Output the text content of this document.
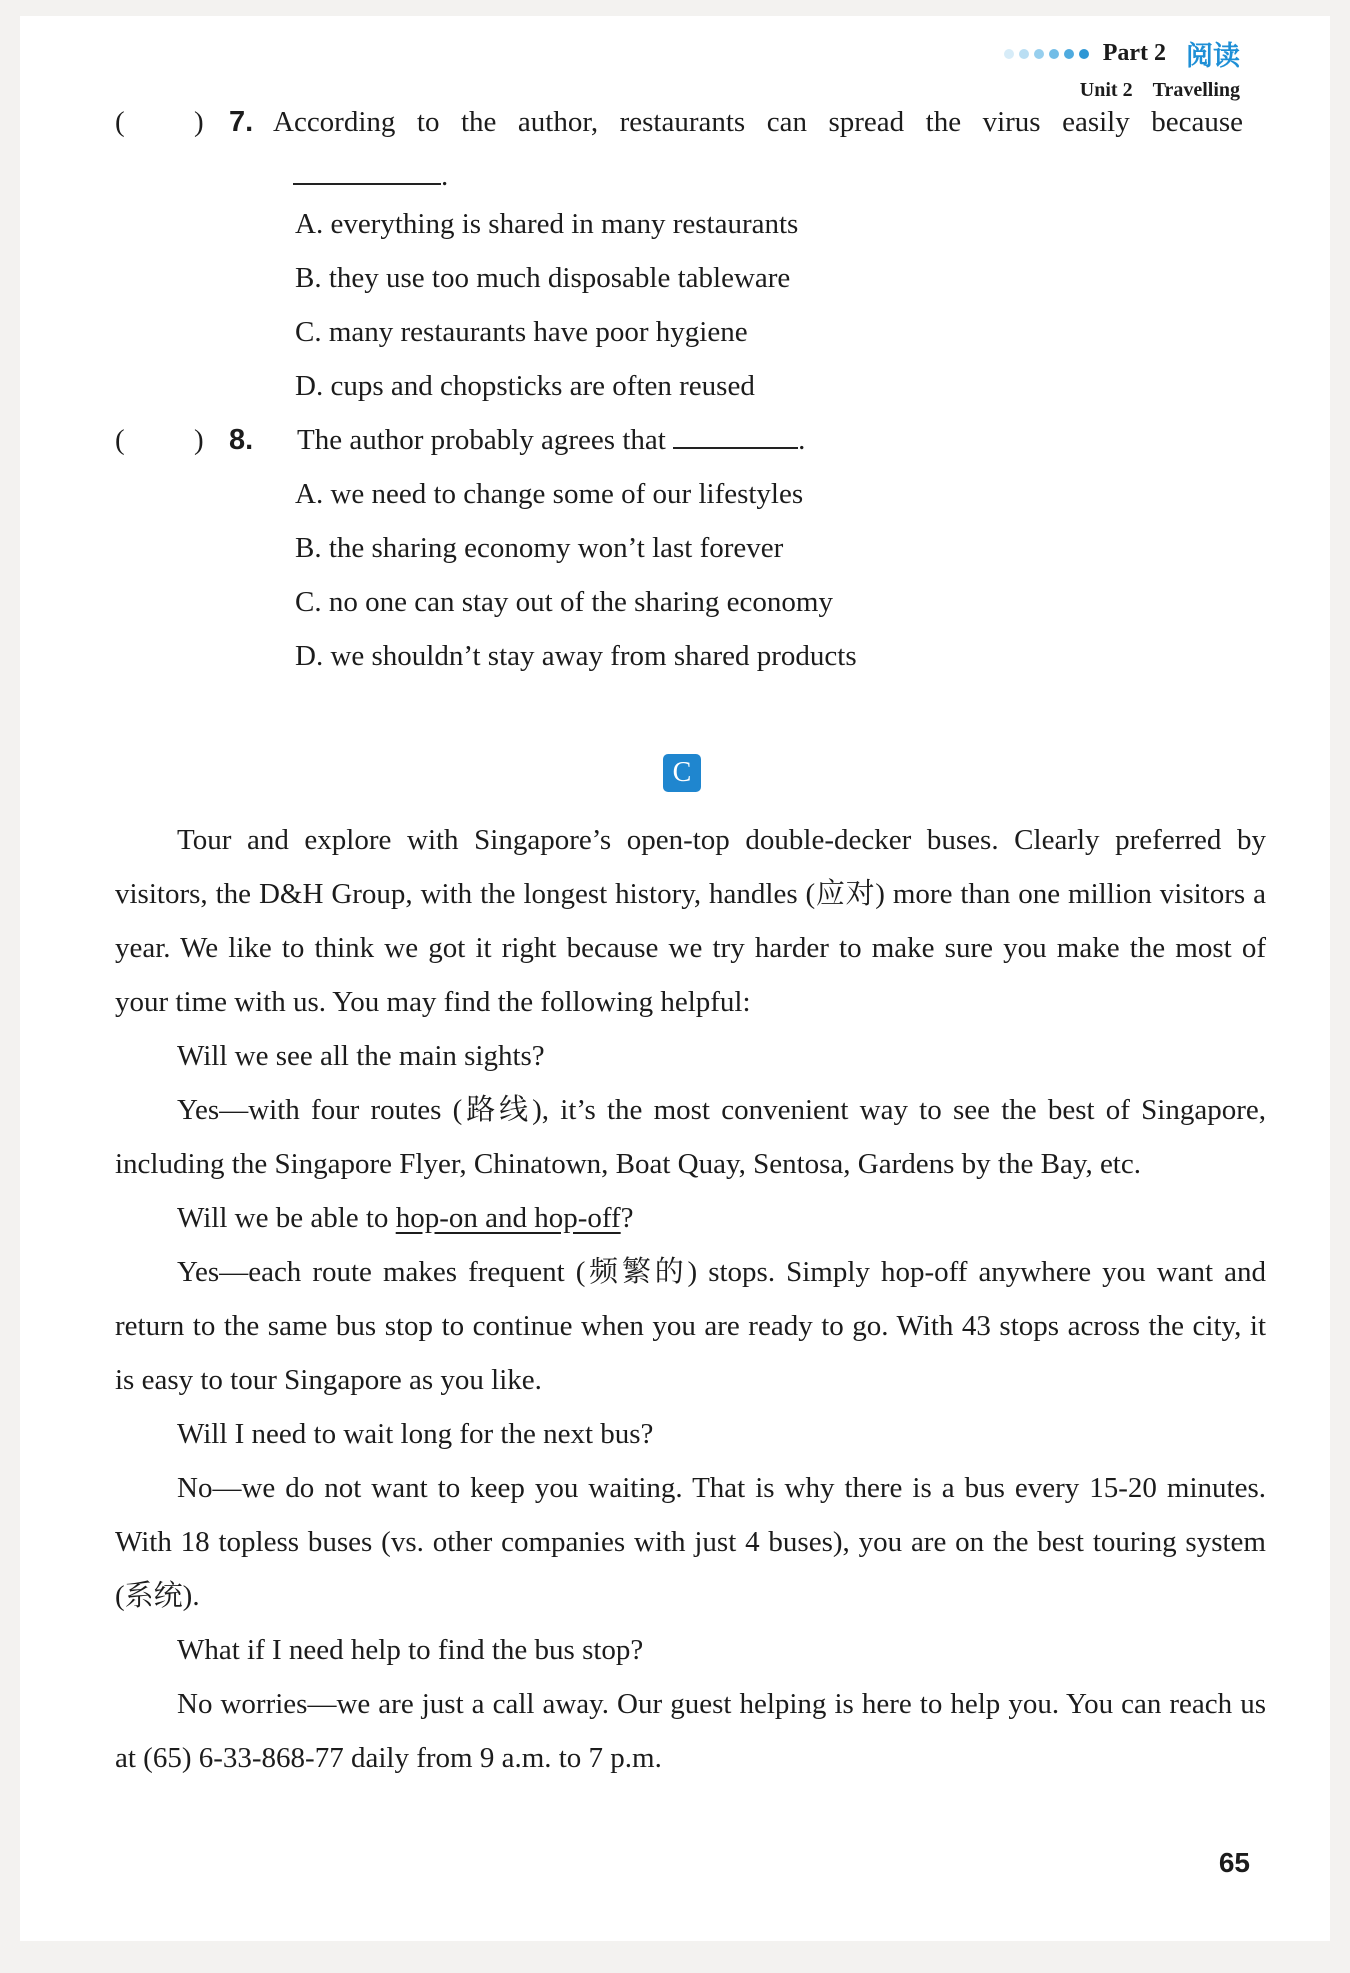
Part 2 阅读
Unit 2 Travelling
( ) 7. According to the author, restaurants can spread the virus easily because
.
A. everything is shared in many restaurants
B. they use too much disposable tableware
C. many restaurants have poor hygiene
D. cups and chopsticks are often reused
( ) 8. The author probably agrees that	.
A. we need to change some of our lifestyles
B. the sharing economy won’t last forever
C. no one can stay out of the sharing economy
D. we shouldn’t stay away from shared products
C
Tour and explore with Singapore’s open-top double-decker buses. Clearly preferred by visitors, the D&H Group, with the longest history, handles (应对) more than one million visitors a year. We like to think we got it right because we try harder to make sure you make the most of your time with us. You may find the following helpful:
Will we see all the main sights?
Yes—with four routes (路线), it’s the most convenient way to see the best of Singapore, including the Singapore Flyer, Chinatown, Boat Quay, Sentosa, Gardens by the Bay, etc.
Will we be able to hop-on and hop-off?
Yes—each route makes frequent (频繁的) stops. Simply hop-off anywhere you want and return to the same bus stop to continue when you are ready to go. With 43 stops across the city, it is easy to tour Singapore as you like.
Will I need to wait long for the next bus?
No—we do not want to keep you waiting. That is why there is a bus every 15-20 minutes. With 18 topless buses (vs. other companies with just 4 buses), you are on the best touring system (系统).
What if I need help to find the bus stop?
No worries—we are just a call away. Our guest helping is here to help you. You can reach us at (65) 6-33-868-77 daily from 9 a.m. to 7 p.m.
65
